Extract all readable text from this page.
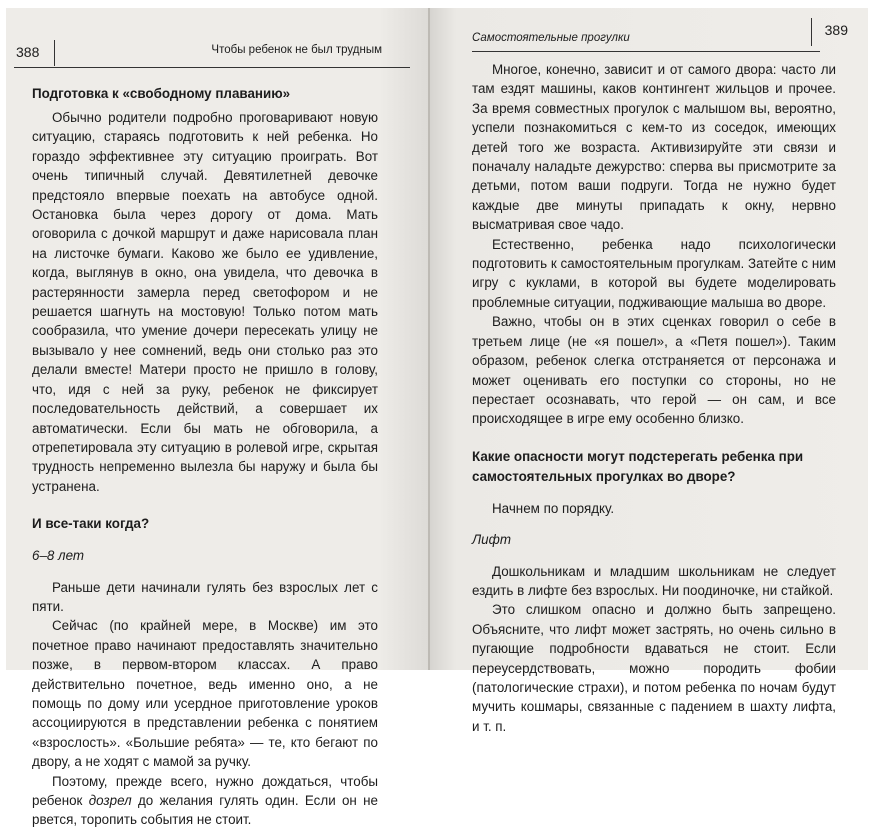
388	Чтобы ребенок не был трудным
Подготовка к «свободному плаванию»

Обычно родители подробно проговаривают новую ситуацию, стараясь подготовить к ней ребенка. Но гораздо эффективнее эту ситуацию проиграть. Вот очень типичный случай. Девятилетней девочке предстояло впервые поехать на автобусе одной. Остановка была через дорогу от дома. Мать оговорила с дочкой маршрут и даже нарисовала план на листочке бумаги. Каково же было ее удивление, когда, выглянув в окно, она увидела, что девочка в растерянности замерла перед светофором и не решается шагнуть на мостовую! Только потом мать сообразила, что умение дочери пересекать улицу не вызывало у нее сомнений, ведь они столько раз это делали вместе! Матери просто не пришло в голову, что, идя с ней за руку, ребенок не фиксирует последовательность действий, а совершает их автоматически. Если бы мать не обговорила, а отрепетировала эту ситуацию в ролевой игре, скрытая трудность непременно вылезла бы наружу и была бы устранена.

И все-таки когда?

6–8 лет

Раньше дети начинали гулять без взрослых лет с пяти.

Сейчас (по крайней мере, в Москве) им это почетное право начинают предоставлять значительно позже, в первом-втором классах. А право действительно почетное, ведь именно оно, а не помощь по дому или усердное приготовление уроков ассоциируются в представлении ребенка с понятием «взрослость». «Большие ребята» — те, кто бегают по двору, а не ходят с мамой за ручку.

Поэтому, прежде всего, нужно дождаться, чтобы ребенок дозрел до желания гулять один. Если он не рвется, торопить события не стоит.

Самостоятельные прогулки	389

Многое, конечно, зависит и от самого двора: часто ли там ездят машины, каков контингент жильцов и прочее. За время совместных прогулок с малышом вы, вероятно, успели познакомиться с кем-то из соседок, имеющих детей того же возраста. Активизируйте эти связи и поначалу наладьте дежурство: сперва вы присмотрите за детьми, потом ваши подруги. Тогда не нужно будет каждые две минуты припадать к окну, нервно высматривая свое чадо.

Естественно, ребенка надо психологически подготовить к самостоятельным прогулкам. Затейте с ним игру с куклами, в которой вы будете моделировать проблемные ситуации, подживающие малыша во дворе.

Важно, чтобы он в этих сценках говорил о себе в третьем лице (не «я пошел», а «Петя пошел»). Таким образом, ребенок слегка отстраняется от персонажа и может оценивать его поступки со стороны, но не перестает осознавать, что герой — он сам, и все происходящее в игре ему особенно близко.

Какие опасности могут подстерегать ребенка при самостоятельных прогулках во дворе?

Начнем по порядку.

Лифт

Дошкольникам и младшим школьникам не следует ездить в лифте без взрослых. Ни поодиночке, ни стайкой.

Это слишком опасно и должно быть запрещено. Объясните, что лифт может застрять, но очень сильно в пугающие подробности вдаваться не стоит. Если переусердствовать, можно породить фобии (патологические страхи), и потом ребенка по ночам будут мучить кошмары, связанные с падением в шахту лифта, и т. п.
